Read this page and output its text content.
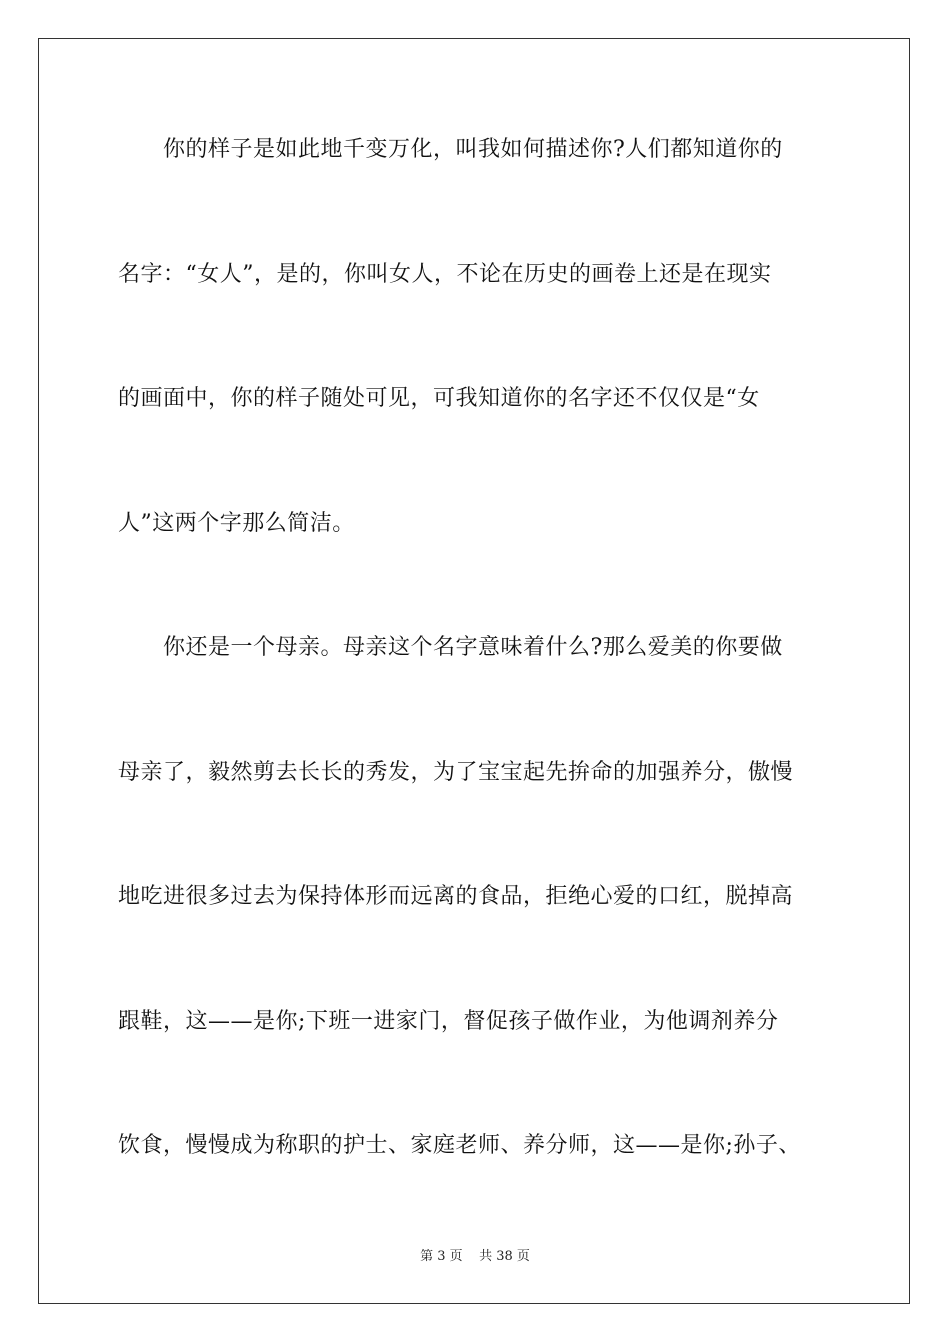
你的样子是如此地千变万化，叫我如何描述你?人们都知道你的
名字：“女人”，是的，你叫女人，不论在历史的画卷上还是在现实
的画面中，你的样子随处可见，可我知道你的名字还不仅仅是“女
人”这两个字那么简洁。
你还是一个母亲。母亲这个名字意味着什么?那么爱美的你要做
母亲了，毅然剪去长长的秀发，为了宝宝起先拚命的加强养分，傲慢
地吃进很多过去为保持体形而远离的食品，拒绝心爱的口红，脱掉高
跟鞋，这——是你;下班一进家门，督促孩子做作业，为他调剂养分
饮食，慢慢成为称职的护士、家庭老师、养分师，这——是你;孙子、
第 3 页    共 38 页
